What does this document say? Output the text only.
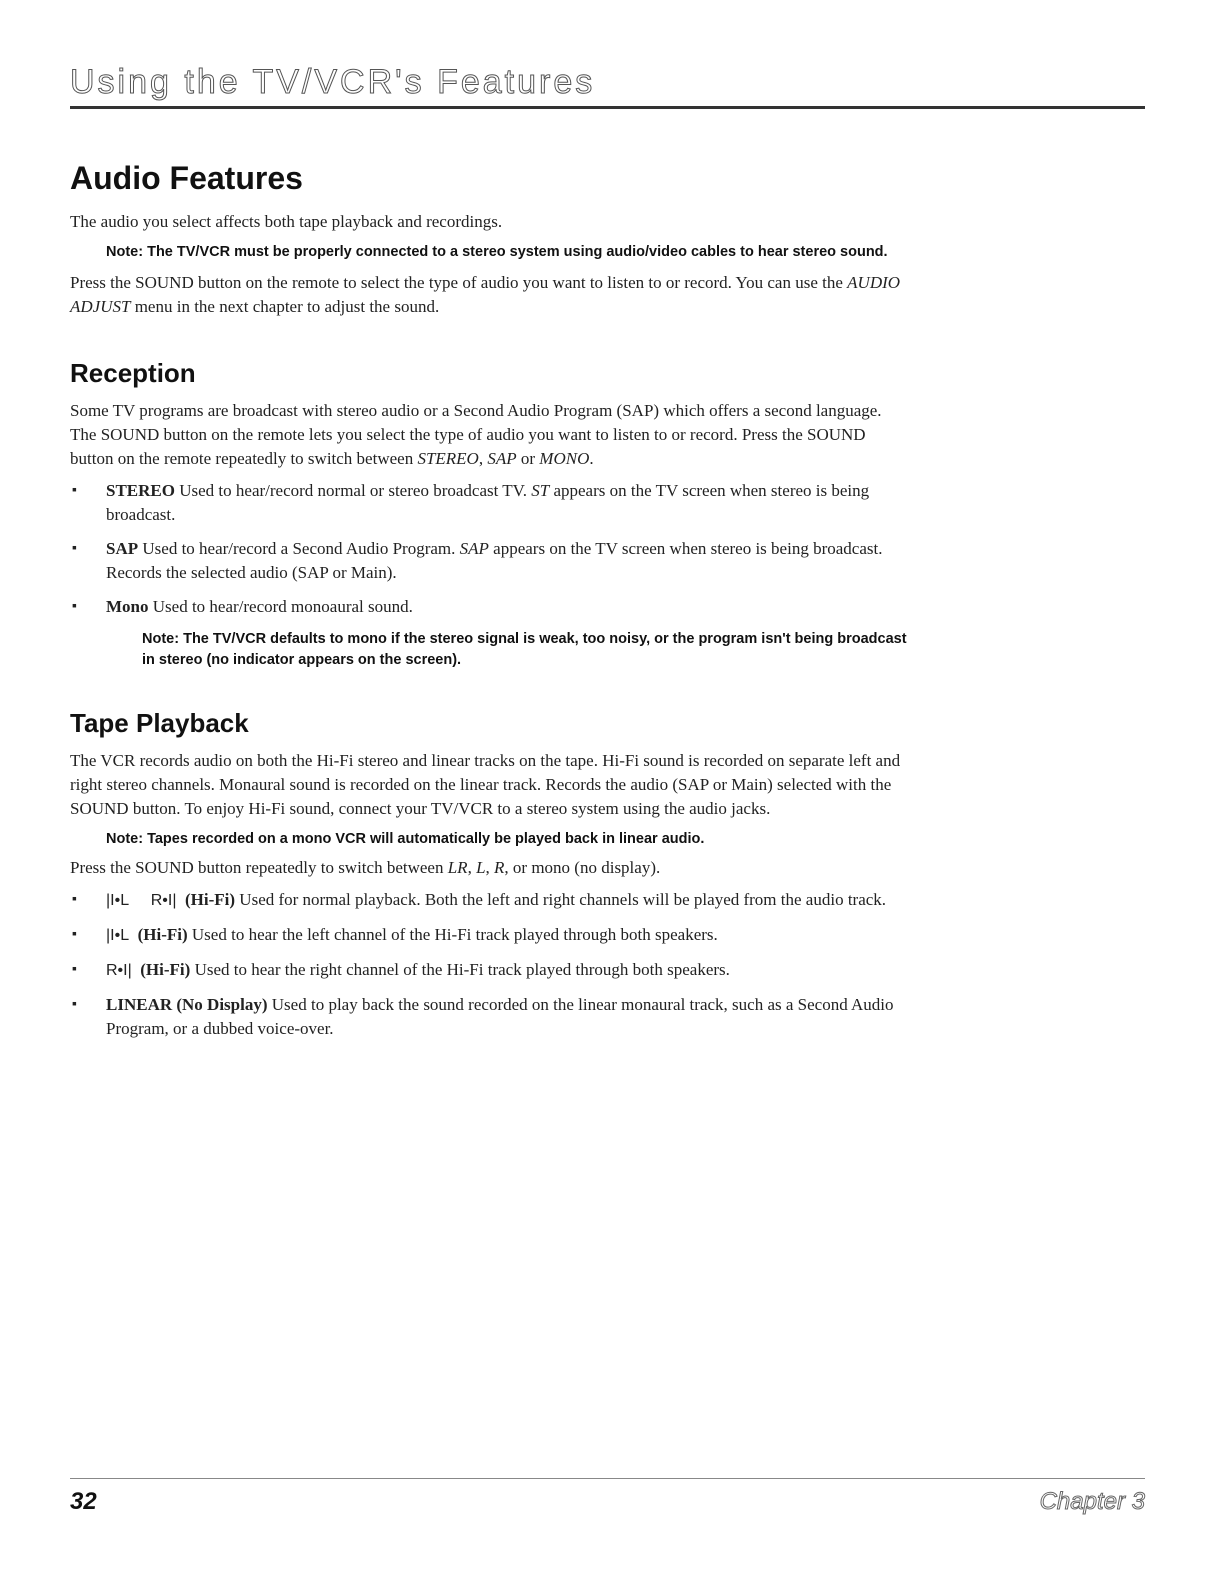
Using the TV/VCR's Features
Audio Features

The audio you select affects both tape playback and recordings.

Note: The TV/VCR must be properly connected to a stereo system using audio/video cables to hear stereo sound.

Press the SOUND button on the remote to select the type of audio you want to listen to or record. You can use the AUDIO ADJUST menu in the next chapter to adjust the sound.

Reception

Some TV programs are broadcast with stereo audio or a Second Audio Program (SAP) which offers a second language. The SOUND button on the remote lets you select the type of audio you want to listen to or record. Press the SOUND button on the remote repeatedly to switch between STEREO, SAP or MONO.

▪ STEREO Used to hear/record normal or stereo broadcast TV. ST appears on the TV screen when stereo is being broadcast.
▪ SAP Used to hear/record a Second Audio Program. SAP appears on the TV screen when stereo is being broadcast. Records the selected audio (SAP or Main).
▪ Mono Used to hear/record monoaural sound.

Note: The TV/VCR defaults to mono if the stereo signal is weak, too noisy, or the program isn't being broadcast in stereo (no indicator appears on the screen).

Tape Playback

The VCR records audio on both the Hi-Fi stereo and linear tracks on the tape. Hi-Fi sound is recorded on separate left and right stereo channels. Monaural sound is recorded on the linear track. Records the audio (SAP or Main) selected with the SOUND button. To enjoy Hi-Fi sound, connect your TV/VCR to a stereo system using the audio jacks.

Note: Tapes recorded on a mono VCR will automatically be played back in linear audio.

Press the SOUND button repeatedly to switch between LR, L, R, or mono (no display).

▪ |I•L     R•I|  (Hi-Fi) Used for normal playback. Both the left and right channels will be played from the audio track.
▪ |I•L  (Hi-Fi) Used to hear the left channel of the Hi-Fi track played through both speakers.
▪ R•I|  (Hi-Fi) Used to hear the right channel of the Hi-Fi track played through both speakers.
▪ LINEAR (No Display) Used to play back the sound recorded on the linear monaural track, such as a Second Audio Program, or a dubbed voice-over.
32	Chapter 3
